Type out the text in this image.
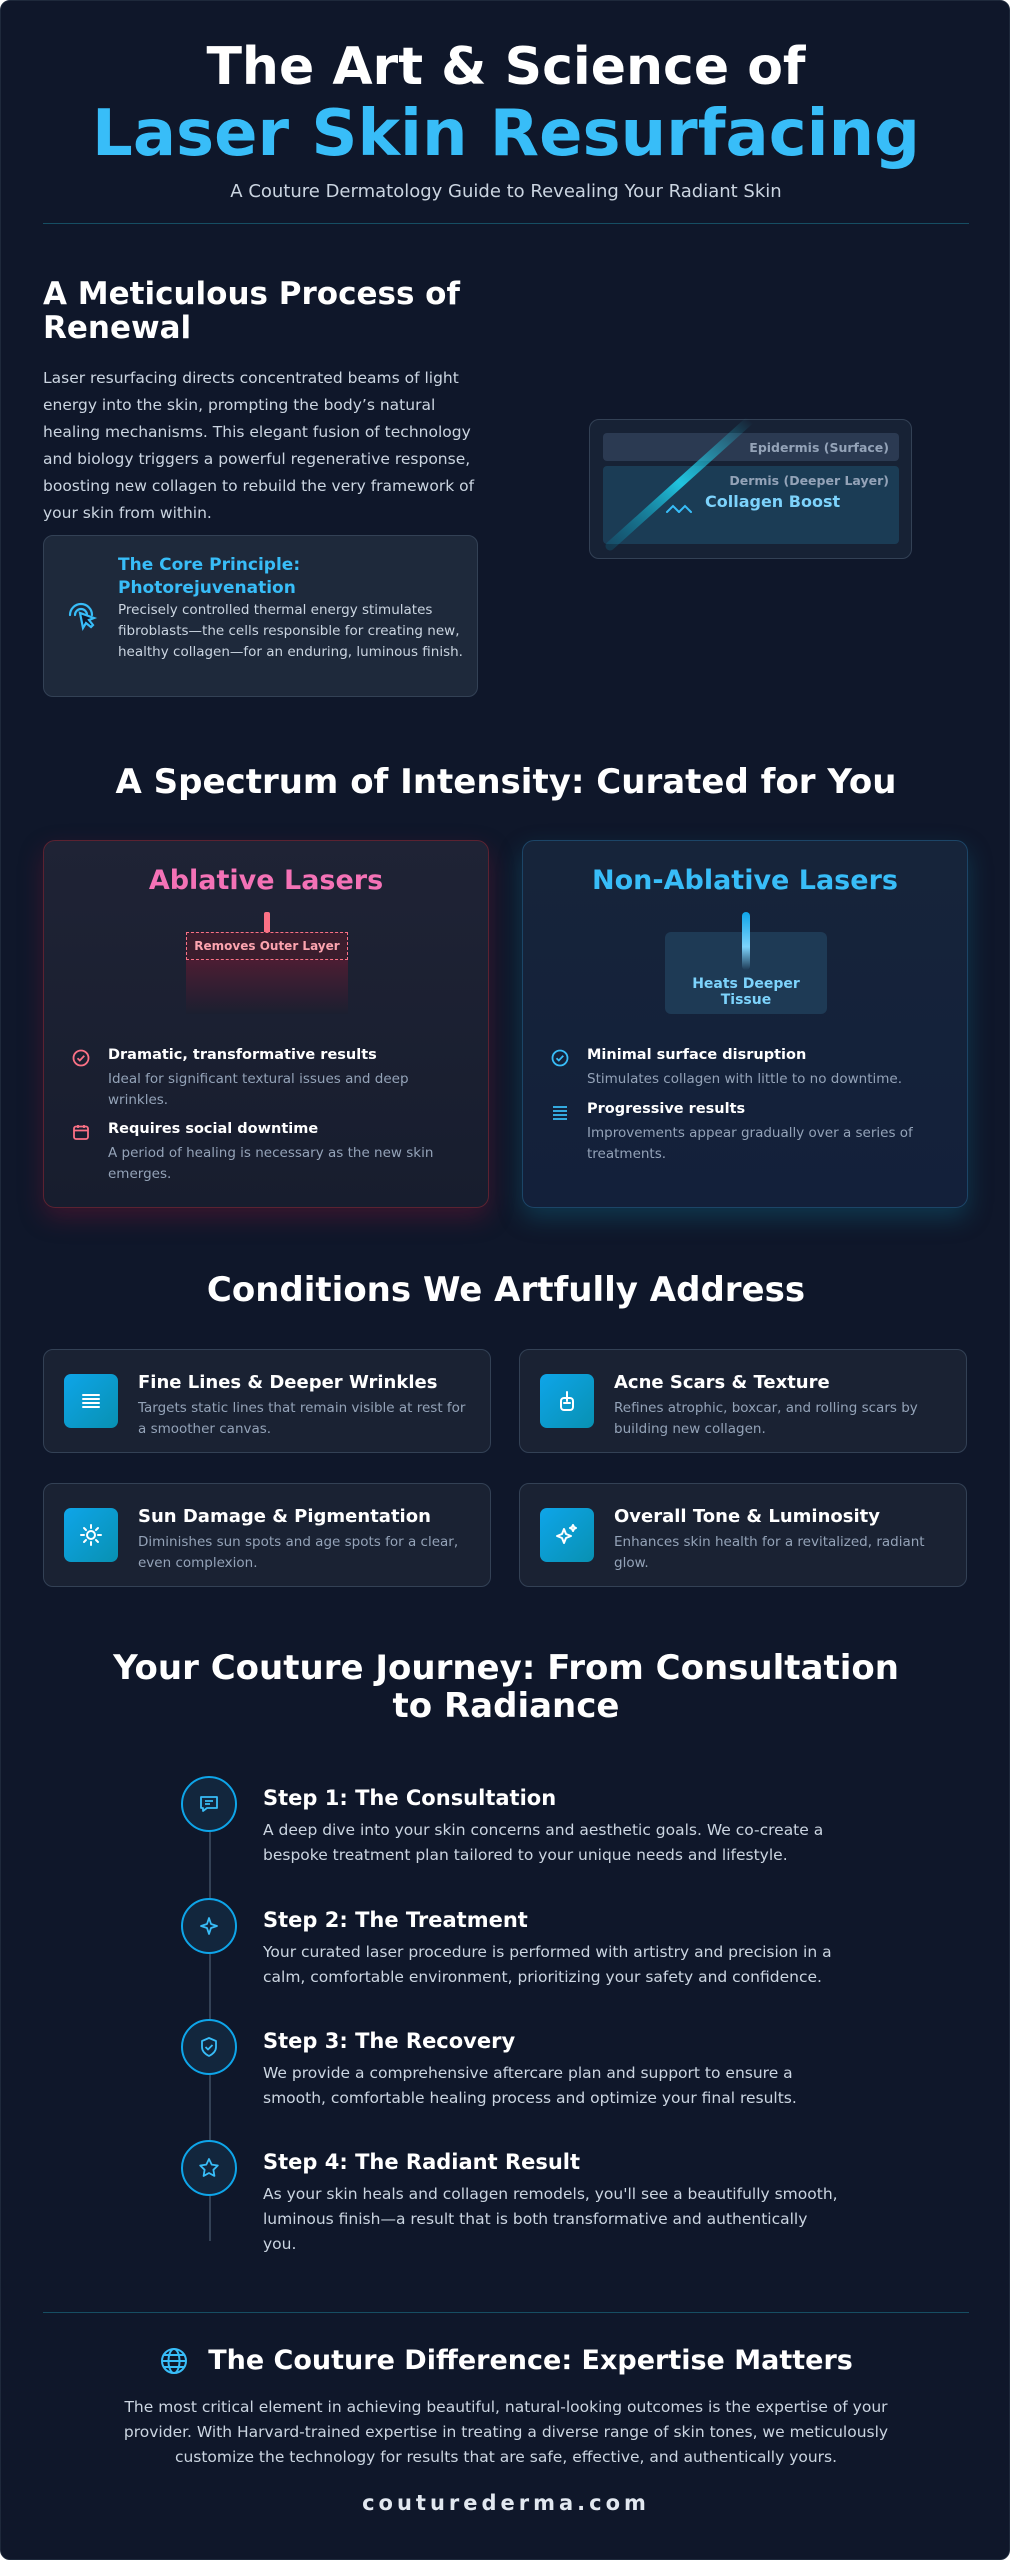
The Art & Science of
Laser Skin Resurfacing
A Couture Dermatology Guide to Revealing Your Radiant Skin
A Meticulous Process of Renewal
Laser resurfacing directs concentrated beams of light energy into the skin, prompting the body’s natural healing mechanisms. This elegant fusion of technology and biology triggers a powerful regenerative response, boosting new collagen to rebuild the very framework of your skin from within.
The Core Principle: Photorejuvenation
Precisely controlled thermal energy stimulates fibroblasts—the cells responsible for creating new, healthy collagen—for an enduring, luminous finish.
Epidermis (Surface)
Dermis (Deeper Layer)
Collagen Boost
A Spectrum of Intensity: Curated for You
Ablative Lasers
Removes Outer Layer
Dramatic, transformative results
Ideal for significant textural issues and deep wrinkles.
Requires social downtime
A period of healing is necessary as the new skin emerges.
Non-Ablative Lasers
Heats Deeper Tissue
Minimal surface disruption
Stimulates collagen with little to no downtime.
Progressive results
Improvements appear gradually over a series of treatments.
Conditions We Artfully Address
Fine Lines & Deeper Wrinkles
Targets static lines that remain visible at rest for a smoother canvas.
Acne Scars & Texture
Refines atrophic, boxcar, and rolling scars by building new collagen.
Sun Damage & Pigmentation
Diminishes sun spots and age spots for a clear, even complexion.
Overall Tone & Luminosity
Enhances skin health for a revitalized, radiant glow.
Your Couture Journey: From Consultation to Radiance
Step 1: The Consultation
A deep dive into your skin concerns and aesthetic goals. We co-create a bespoke treatment plan tailored to your unique needs and lifestyle.
Step 2: The Treatment
Your curated laser procedure is performed with artistry and precision in a calm, comfortable environment, prioritizing your safety and confidence.
Step 3: The Recovery
We provide a comprehensive aftercare plan and support to ensure a smooth, comfortable healing process and optimize your final results.
Step 4: The Radiant Result
As your skin heals and collagen remodels, you'll see a beautifully smooth, luminous finish—a result that is both transformative and authentically you.
The Couture Difference: Expertise Matters
The most critical element in achieving beautiful, natural-looking outcomes is the expertise of your provider. With Harvard-trained expertise in treating a diverse range of skin tones, we meticulously customize the technology for results that are safe, effective, and authentically yours.
couturederma.com
